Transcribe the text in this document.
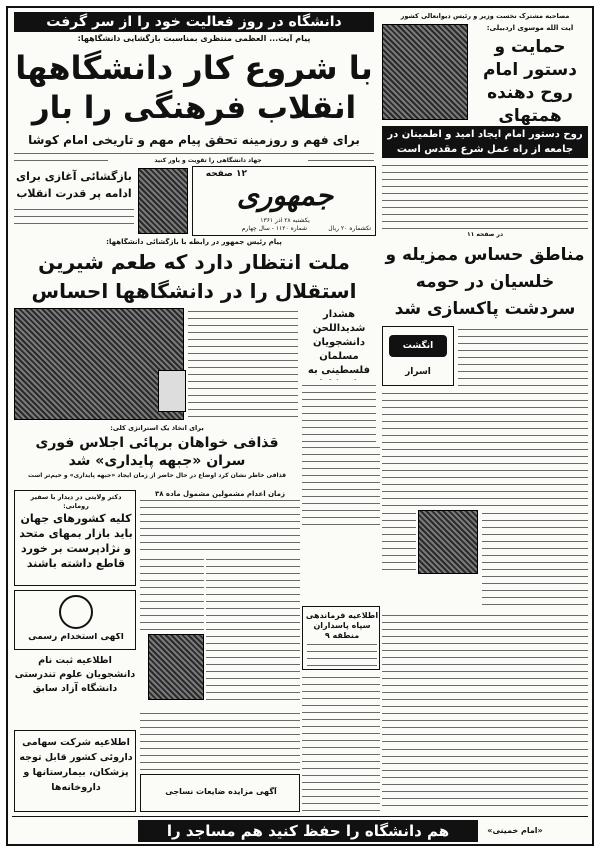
دانشگاه در روز فعالیت خود را از سر گرفت
پیام آیت... العظمی منتظری بمناسبت بازگشایی دانشگاهها:
با شروع کار دانشگاهها
انقلاب فرهنگی را بار
برای فهم و روزمینه تحقق پیام مهم و تاریخی امام کوشا
جهاد دانشگاهی را تقویت و یاور کنید
مصاحبه مشترک نخست وزیر و رئیس دیوانعالی کشور
آیت الله موسوی اردبیلی:
حمایت و دستور امام روح دهنده همتهای
روح دستور امام ایجاد امید و اطمینان در جامعه از راه عمل شرع مقدس است
بازگشائی آغازی برای ادامه پر قدرت انقلاب
۱۲ صفحه
جمهوری
یکشنبه ۲۸ آذر ۱۳۶۱
شماره ۱۱۲۰ - سال چهارم	تکشماره ۲۰ ریال
در صفحه ۱۱
پیام رئیس جمهور در رابطه با بازگشائی دانشگاهها:
ملت انتظار دارد که طعم شیرین استقلال را در دانشگاهها احساس
مناطق حساس ممزیله و خلسیان در حومه سردشت پاکسازی شد
هشدار شدیداللحن دانشجویان مسلمان فلسطینی به
انگشت
اسرار
برای اتخاذ یک استراتژی کلی:
قذافی خواهان برپائی اجلاس فوری سران «جبهه پایداری» شد
قذافی خاطر نشان کرد اوضاع در حال حاضر از زمان ایجاد «جبهه پایداری» و خیم‌تر است
دکتر ولایتی در دیدار با سفیر رومانی:
کلیه کشورهای جهان باید بازار بمهای متحد و نژادپرست بر خورد قاطع داشته باشند
زمان اعدام مشمولین مشمول ماده ۳۸
آگهی استخدام رسمی
اطلاعیه فرماندهی سپاه پاسداران منطقه ۹
اطلاعیه ثبت نام دانشجویان علوم تندرستی دانشگاه آزاد سابق
اطلاعیه شرکت سهامی داروئی کشور قابل توجه پزشکان، بیمارستانها و داروخانه‌ها	آگهی مزایده ضایعات نساجی
هم دانشگاه را حفظ کنید هم مساجد را	«امام خمینی»
